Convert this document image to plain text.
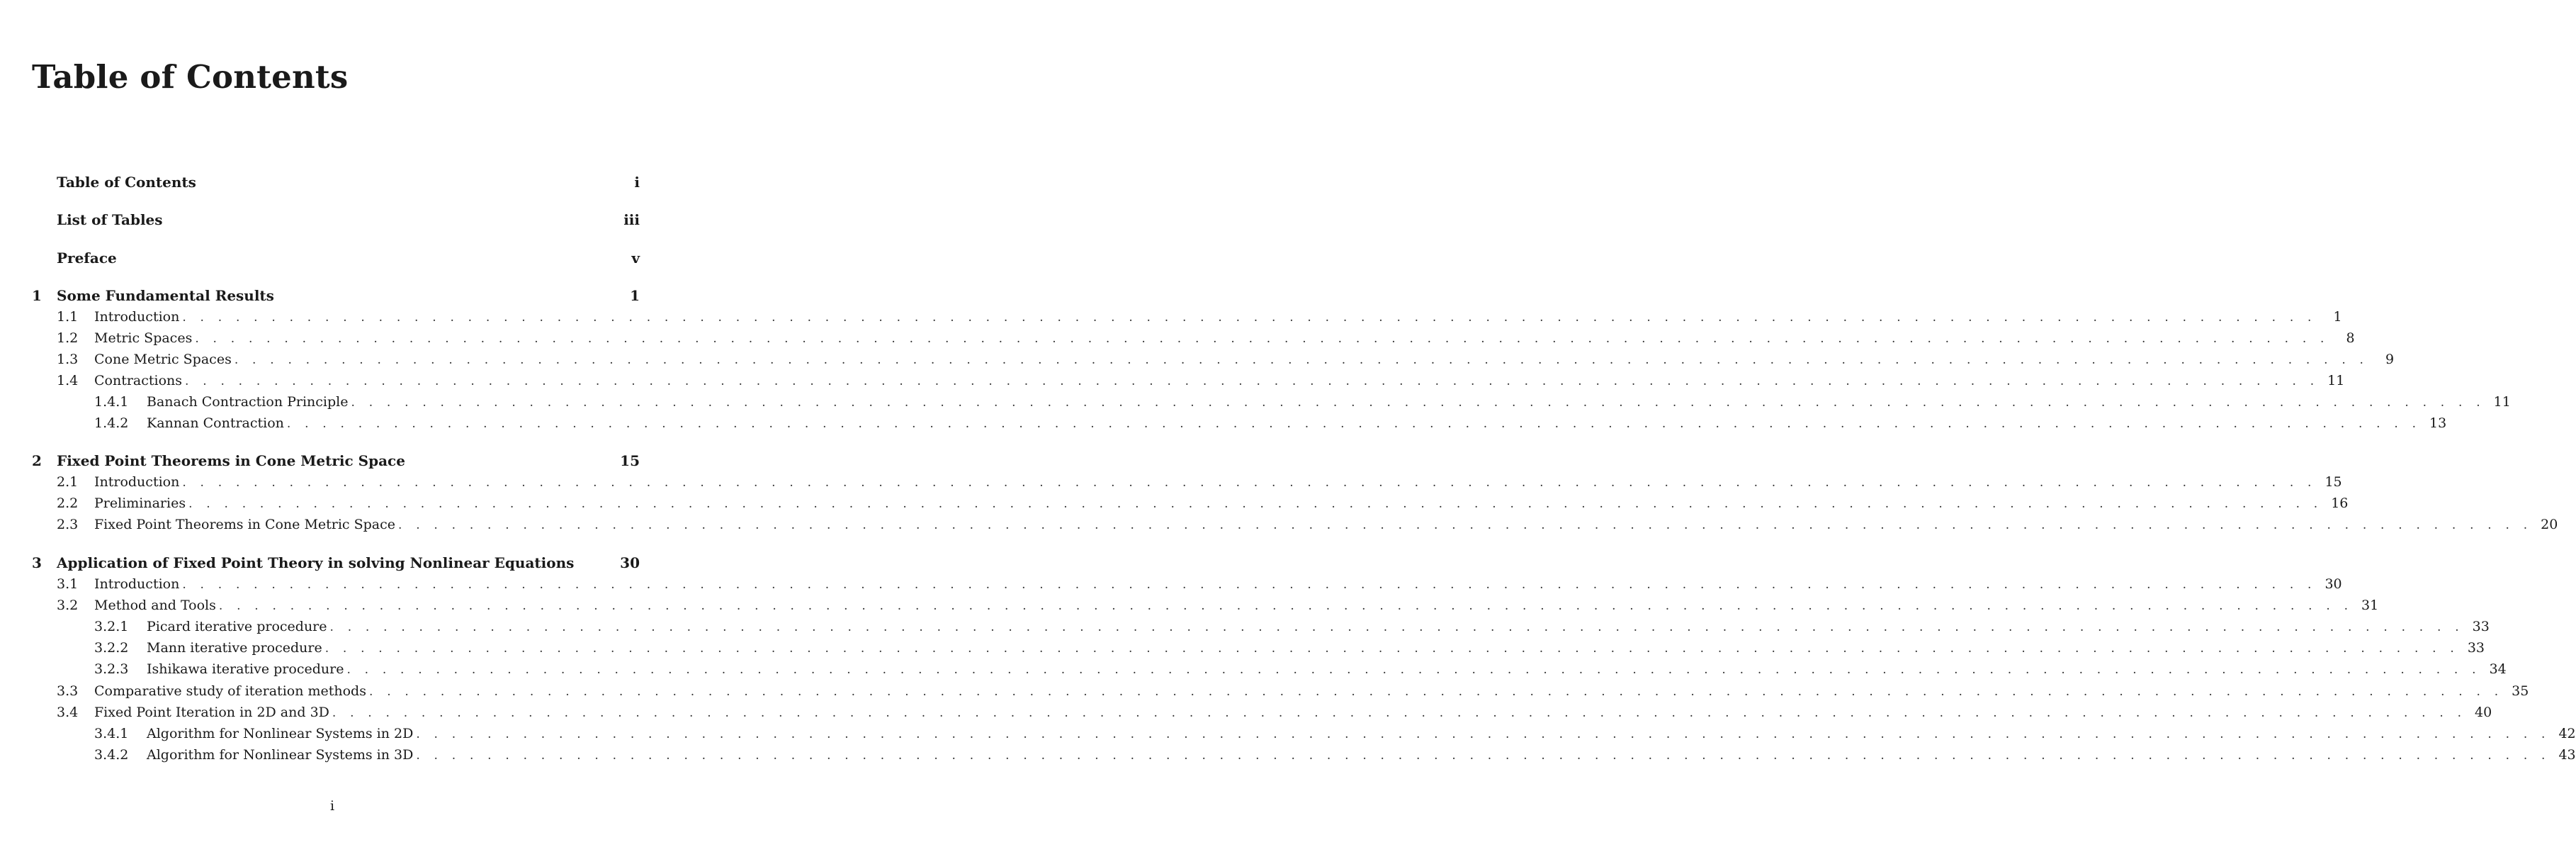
Table of Contents
Table of Contents	i
List of Tables	iii
Preface	v
1	Some Fundamental Results	1
1.1	Introduction . . . . . . . . . . . . . . . . . . . . . . . . . . . . . . . . . . . . . . . . . . . . . . . . . . . . . . . . . . . . . . . . . . . . . . . . . . . . . . . . . . . . . . . . . . . . . . . . . . . . . . . . . . . . . . . . . . . . . . . .	1
1.2	Metric Spaces . . . . . . . . . . . . . . . . . . . . . . . . . . . . . . . . . . . . . . . . . . . . . . . . . . . . . . . . . . . . . . . . . . . . . . . . . . . . . . . . . . . . . . . . . . . . . . . . . . . . . . . . . . . . . . . . . . . . . . . .	8
1.3	Cone Metric Spaces . . . . . . . . . . . . . . . . . . . . . . . . . . . . . . . . . . . . . . . . . . . . . . . . . . . . . . . . . . . . . . . . . . . . . . . . . . . . . . . . . . . . . . . . . . . . . . . . . . . . . . . . . . . . . . . . . . . . . . . .	9
1.4	Contractions . . . . . . . . . . . . . . . . . . . . . . . . . . . . . . . . . . . . . . . . . . . . . . . . . . . . . . . . . . . . . . . . . . . . . . . . . . . . . . . . . . . . . . . . . . . . . . . . . . . . . . . . . . . . . . . . . . . . . . . . 11
1.4.1	Banach Contraction Principle . . . . . . . . . . . . . . . . . . . . . . . . . . . . . . . . . . . . . . . . . . . . . . . . . . . . . . . . . . . . . . . . . . . . . . . . . . . . . . . . . . . . . . . . . . . . . . . . . . . . . . . . . . . . . . . . . . . . . . . . 11
1.4.2	Kannan Contraction . . . . . . . . . . . . . . . . . . . . . . . . . . . . . . . . . . . . . . . . . . . . . . . . . . . . . . . . . . . . . . . . . . . . . . . . . . . . . . . . . . . . . . . . . . . . . . . . . . . . . . . . . . . . . . . . . . . . . . . . 13
2	Fixed Point Theorems in Cone Metric Space	15
2.1	Introduction . . . . . . . . . . . . . . . . . . . . . . . . . . . . . . . . . . . . . . . . . . . . . . . . . . . . . . . . . . . . . . . . . . . . . . . . . . . . . . . . . . . . . . . . . . . . . . . . . . . . . . . . . . . . . . . . . . . . . . . . 15
2.2	Preliminaries . . . . . . . . . . . . . . . . . . . . . . . . . . . . . . . . . . . . . . . . . . . . . . . . . . . . . . . . . . . . . . . . . . . . . . . . . . . . . . . . . . . . . . . . . . . . . . . . . . . . . . . . . . . . . . . . . . . . . . . . 16
2.3	Fixed Point Theorems in Cone Metric Space . . . . . . . . . . . . . . . . . . . . . . . . . . . . . . . . . . . . . . . . . . . . . . . . . . . . . . . . . . . . . . . . . . . . . . . . . . . . . . . . . . . . . . . . . . . . . . . . . . . . . . . . . . . . . . . . . . . . . . . . 20
3	Application of Fixed Point Theory in solving Nonlinear Equations	30
3.1	Introduction . . . . . . . . . . . . . . . . . . . . . . . . . . . . . . . . . . . . . . . . . . . . . . . . . . . . . . . . . . . . . . . . . . . . . . . . . . . . . . . . . . . . . . . . . . . . . . . . . . . . . . . . . . . . . . . . . . . . . . . . 30
3.2	Method and Tools . . . . . . . . . . . . . . . . . . . . . . . . . . . . . . . . . . . . . . . . . . . . . . . . . . . . . . . . . . . . . . . . . . . . . . . . . . . . . . . . . . . . . . . . . . . . . . . . . . . . . . . . . . . . . . . . . . . . . . . . 31
3.2.1	Picard iterative procedure . . . . . . . . . . . . . . . . . . . . . . . . . . . . . . . . . . . . . . . . . . . . . . . . . . . . . . . . . . . . . . . . . . . . . . . . . . . . . . . . . . . . . . . . . . . . . . . . . . . . . . . . . . . . . . . . . . . . . . . . 33
3.2.2	Mann iterative procedure . . . . . . . . . . . . . . . . . . . . . . . . . . . . . . . . . . . . . . . . . . . . . . . . . . . . . . . . . . . . . . . . . . . . . . . . . . . . . . . . . . . . . . . . . . . . . . . . . . . . . . . . . . . . . . . . . . . . . . . . 33
3.2.3	Ishikawa iterative procedure . . . . . . . . . . . . . . . . . . . . . . . . . . . . . . . . . . . . . . . . . . . . . . . . . . . . . . . . . . . . . . . . . . . . . . . . . . . . . . . . . . . . . . . . . . . . . . . . . . . . . . . . . . . . . . . . . . . . . . . . 34
3.3	Comparative study of iteration methods . . . . . . . . . . . . . . . . . . . . . . . . . . . . . . . . . . . . . . . . . . . . . . . . . . . . . . . . . . . . . . . . . . . . . . . . . . . . . . . . . . . . . . . . . . . . . . . . . . . . . . . . . . . . . . . . . . . . . . . . 35
3.4	Fixed Point Iteration in 2D and 3D . . . . . . . . . . . . . . . . . . . . . . . . . . . . . . . . . . . . . . . . . . . . . . . . . . . . . . . . . . . . . . . . . . . . . . . . . . . . . . . . . . . . . . . . . . . . . . . . . . . . . . . . . . . . . . . . . . . . . . . . 40
3.4.1	Algorithm for Nonlinear Systems in 2D . . . . . . . . . . . . . . . . . . . . . . . . . . . . . . . . . . . . . . . . . . . . . . . . . . . . . . . . . . . . . . . . . . . . . . . . . . . . . . . . . . . . . . . . . . . . . . . . . . . . . . . . . . . . . . . . . . . . . . . . 42
3.4.2	Algorithm for Nonlinear Systems in 3D . . . . . . . . . . . . . . . . . . . . . . . . . . . . . . . . . . . . . . . . . . . . . . . . . . . . . . . . . . . . . . . . . . . . . . . . . . . . . . . . . . . . . . . . . . . . . . . . . . . . . . . . . . . . . . . . . . . . . . . . 43
i
